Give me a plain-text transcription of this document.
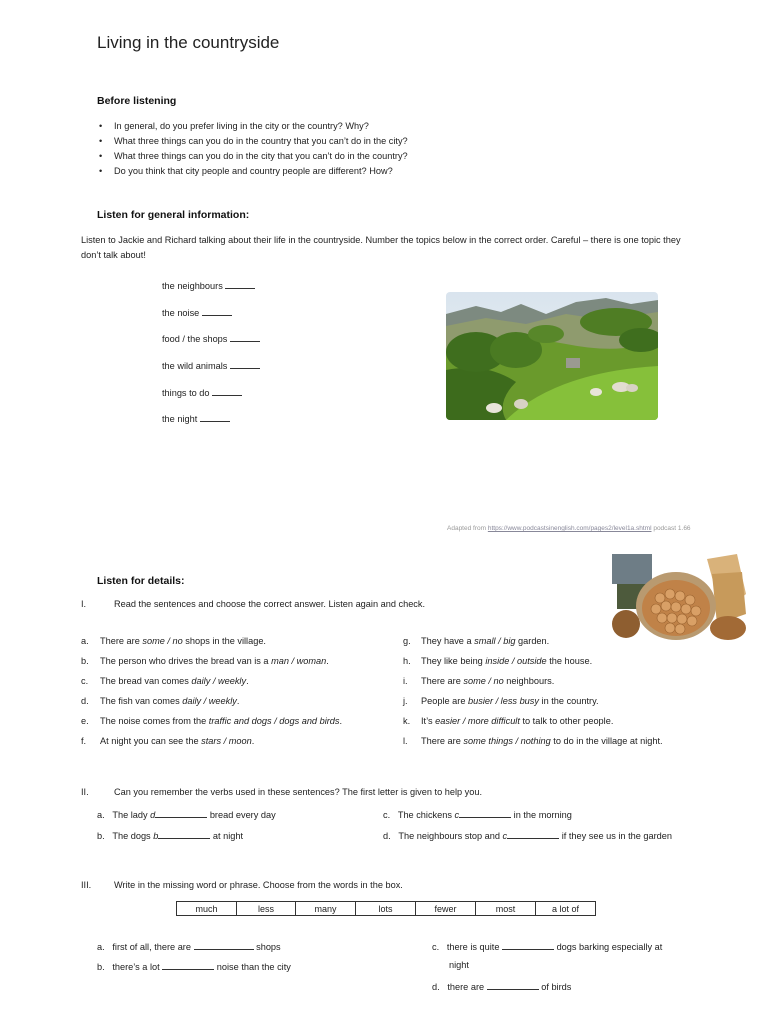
Living in the countryside
Before listening
• In general, do you prefer living in the city or the country? Why?
• What three things can you do in the country that you can’t do in the city?
• What three things can you do in the city that you can’t do in the country?
• Do you think that city people and country people are different? How?
Listen for general information:
Listen to Jackie and Richard talking about their life in the countryside. Number the topics below in the correct order. Careful – there is one topic they don’t talk about!
the neighbours
the noise
food / the shops
the wild animals
things to do
the night
Adapted from https://www.podcastsinenglish.com/pages2/level1a.shtml podcast 1.66
Listen for details:
I.	Read the sentences and choose the correct answer. Listen again and check.
a. There are some / no shops in the village.
b. The person who drives the bread van is a man / woman.
c. The bread van comes daily / weekly.
d. The fish van comes daily / weekly.
e. The noise comes from the traffic and dogs / dogs and birds.
f. At night you can see the stars / moon.
g. They have a small / big garden.
h. They like being inside / outside the house.
i. There are some / no neighbours.
j. People are busier / less busy in the country.
k. It’s easier / more difficult to talk to other people.
l. There are some things / nothing to do in the village at night.
II.	Can you remember the verbs used in these sentences? The first letter is given to help you.
a. The lady d	bread every day
b. The dogs b	at night
c. The chickens c	in the morning
d. The neighbours stop and c	if they see us in the garden
III. Write in the missing word or phrase. Choose from the words in the box.
much	less	many	lots	fewer	most	a lot of
a. first of all, there are	shops
b. there’s a lot	noise than the city
c. there is quite	dogs barking especially at
night
d. there are	of birds
